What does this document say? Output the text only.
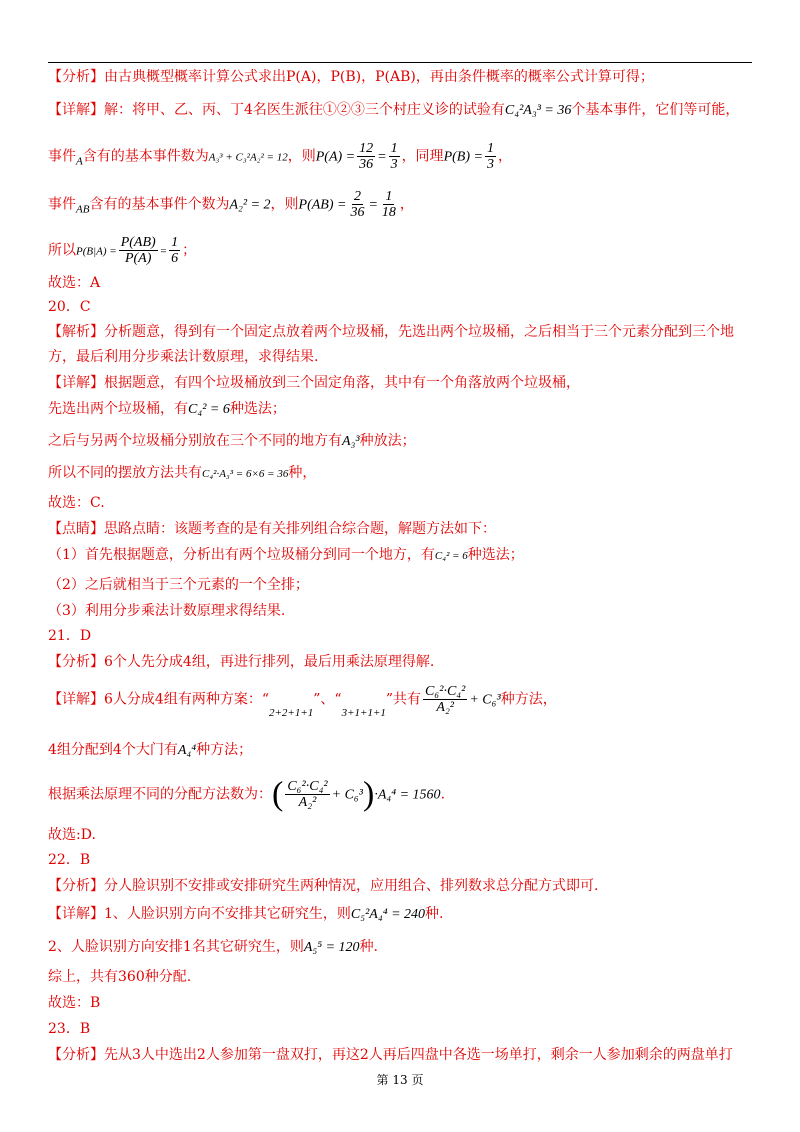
【分析】由古典概型概率计算公式求出P(A)，P(B)，P(AB)，再由条件概率的概率公式计算可得；
【详解】解：将甲、乙、丙、丁4名医生派往①②③三个村庄义诊的试验有C₄²A₃³ = 36个基本事件，它们等可能，
事件$_A$含有的基本事件数为A₃³ + C₃²A₂² = 12，则$P(A) = \frac{12}{36} = \frac{1}{3}$ ，同理$P(B) = \frac{1}{3}$ ，
事件$_{AB}$含有的基本事件个数为A₂² = 2，则$P(AB) = \frac{2}{36} = \frac{1}{18}$ ，
所以$P(B|A) = \frac{P(AB)}{P(A)} = \frac{1}{6}$ ；
故选：A
20．C
【解析】分析题意，得到有一个固定点放着两个垃圾桶，先选出两个垃圾桶，之后相当于三个元素分配到三个地
方，最后利用分步乘法计数原理，求得结果.
【详解】根据题意，有四个垃圾桶放到三个固定角落，其中有一个角落放两个垃圾桶，
先选出两个垃圾桶，有C₄² = 6种选法；
之后与另两个垃圾桶分别放在三个不同的地方有A₃³种放法；
所以不同的摆放方法共有C₄²·A₃³ = 6×6 = 36种，
故选：C.
【点睛】思路点睛：该题考查的是有关排列组合综合题，解题方法如下：
（1）首先根据题意，分析出有两个垃圾桶分到同一个地方，有C₄² = 6种选法；
（2）之后就相当于三个元素的一个全排；
（3）利用分步乘法计数原理求得结果.
21．D
【分析】6个人先分成4组，再进行排列，最后用乘法原理得解.
【详解】6人分成4组有两种方案：“$_{2+2+1+1}$”、“$_{3+1+1+1}$”共有 $\frac{\text{C₆²·C₄²}}{\text{A₂²}} + C_6^3$种方法，
4组分配到4个大门有A₄⁴种方法；
根据乘法原理不同的分配方法数为：( $\frac{\text{C₆²·C₄²}}{\text{A₂²}} + C_6^3)\cdot A_4^4 = 1560$.
故选:D.
22．B
【分析】分人脸识别不安排或安排研究生两种情况，应用组合、排列数求总分配方式即可.
【详解】1、人脸识别方向不安排其它研究生，则C₅²A₄⁴ = 240种.
2、人脸识别方向安排1名其它研究生，则A₅⁵ = 120种.
综上，共有360种分配.
故选：B
23．B
【分析】先从3人中选出2人参加第一盘双打，再这2人再后四盘中各选一场单打，剩余一人参加剩余的两盘单打
第 13 页
